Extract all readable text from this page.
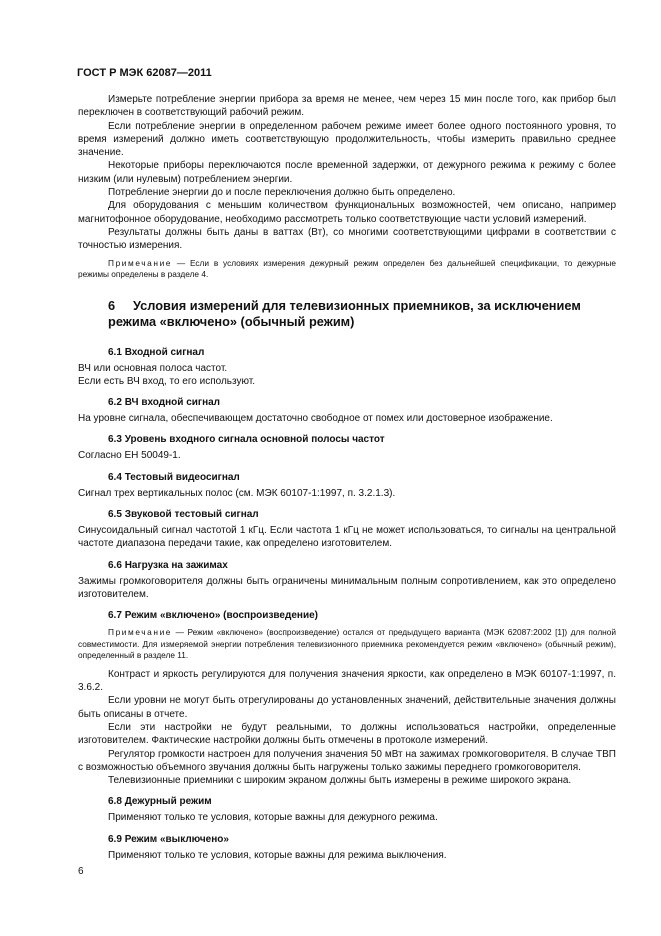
ГОСТ Р МЭК 62087—2011

Измерьте потребление энергии прибора за время не менее, чем через 15 мин после того, как прибор был переключен в соответствующий рабочий режим.

Если потребление энергии в определенном рабочем режиме имеет более одного постоянного уровня, то время измерений должно иметь соответствующую продолжительность, чтобы измерить правильно среднее значение.

Некоторые приборы переключаются после временной задержки, от дежурного режима к режиму с более низким (или нулевым) потреблением энергии.

Потребление энергии до и после переключения должно быть определено.

Для оборудования с меньшим количеством функциональных возможностей, чем описано, например магнитофонное оборудование, необходимо рассмотреть только соответствующие части условий измерений.

Результаты должны быть даны в ваттах (Вт), со многими соответствующими цифрами в соответствии с точностью измерения.

Примечание — Если в условиях измерения дежурный режим определен без дальнейшей спецификации, то дежурные режимы определены в разделе 4.

6 Условия измерений для телевизионных приемников, за исключением режима «включено» (обычный режим)
6.1 Входной сигнал

ВЧ или основная полоса частот.

Если есть ВЧ вход, то его используют.

6.2 ВЧ входной сигнал

На уровне сигнала, обеспечивающем достаточно свободное от помех или достоверное изображение.

6.3 Уровень входного сигнала основной полосы частот

Согласно ЕН 50049-1.

6.4 Тестовый видеосигнал

Сигнал трех вертикальных полос (см. МЭК 60107-1:1997, п. 3.2.1.3).

6.5 Звуковой тестовый сигнал

Синусоидальный сигнал частотой 1 кГц. Если частота 1 кГц не может использоваться, то сигналы на центральной частоте диапазона передачи такие, как определено изготовителем.

6.6 Нагрузка на зажимах

Зажимы громкоговорителя должны быть ограничены минимальным полным сопротивлением, как это определено изготовителем.

6.7 Режим «включено» (воспроизведение)

Примечание — Режим «включено» (воспроизведение) остался от предыдущего варианта (МЭК 62087:2002 [1]) для полной совместимости. Для измеряемой энергии потребления телевизионного приемника рекомендуется режим «включено» (обычный режим), определенный в разделе 11.

Контраст и яркость регулируются для получения значения яркости, как определено в МЭК 60107-1:1997, п. 3.6.2.

Если уровни не могут быть отрегулированы до установленных значений, действительные значения должны быть описаны в отчете.

Если эти настройки не будут реальными, то должны использоваться настройки, определенные изготовителем. Фактические настройки должны быть отмечены в протоколе измерений.

Регулятор громкости настроен для получения значения 50 мВт на зажимах громкоговорителя. В случае ТВП с возможностью объемного звучания должны быть нагружены только зажимы переднего громкоговорителя.

Телевизионные приемники с широким экраном должны быть измерены в режиме широкого экрана.

6.8 Дежурный режим

Применяют только те условия, которые важны для дежурного режима.

6.9 Режим «выключено»

Применяют только те условия, которые важны для режима выключения.

6
